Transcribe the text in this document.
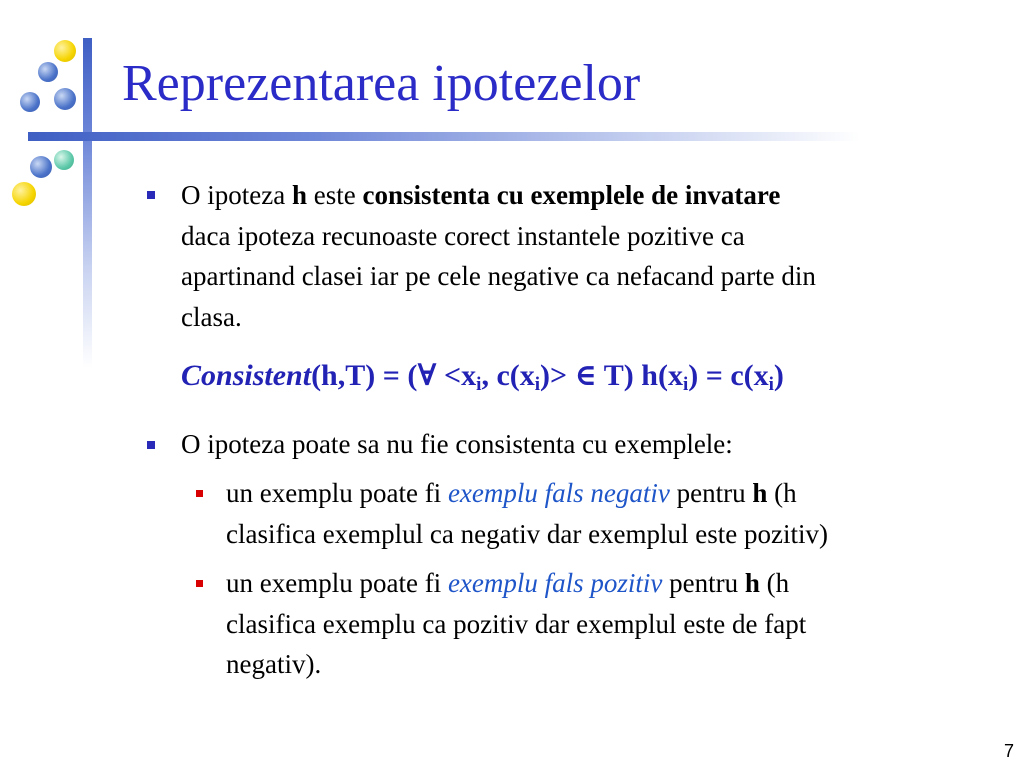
Reprezentarea ipotezelor
O ipoteza h este consistenta cu exemplele de invatare
daca ipoteza recunoaste corect instantele pozitive ca
apartinand clasei iar pe cele negative ca nefacand parte din
clasa.
Consistent(h,T) = (∀ $<x_i$, $c(x_i)>$ ∈ T) $h(x_i) = c(x_i)$
O ipoteza poate sa nu fie consistenta cu exemplele:
un exemplu poate fi exemplu fals negativ pentru h (h
clasifica exemplul ca negativ dar exemplul este pozitiv)
un exemplu poate fi exemplu fals pozitiv pentru h (h
clasifica exemplu ca pozitiv dar exemplul este de fapt
negativ).
7
